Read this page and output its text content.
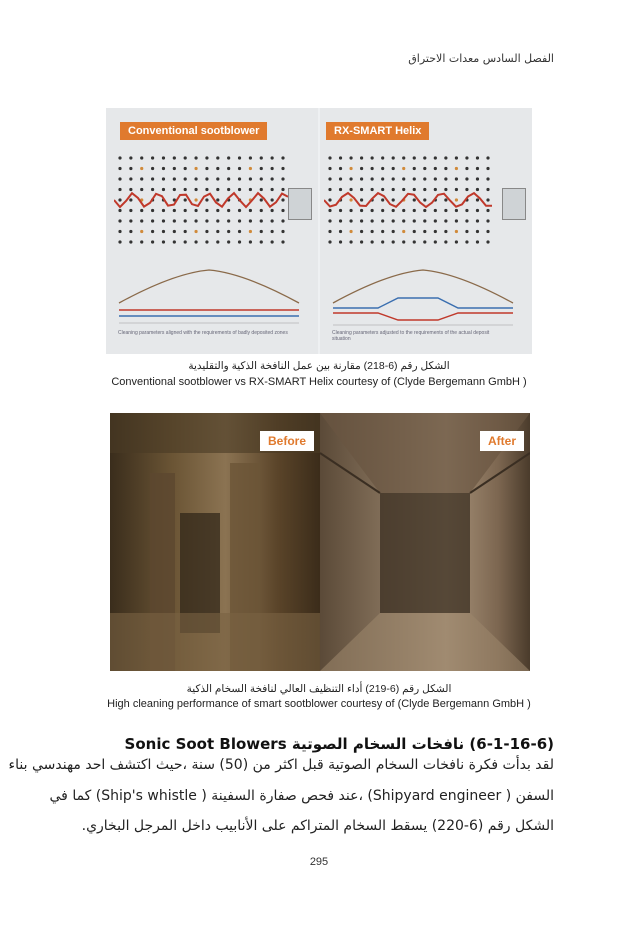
الفصل السادس معدات الاحتراق
Conventional sootblower
Cleaning parameters aligned with the requirements of badly deposited zones
RX-SMART Helix
Cleaning parameters adjusted to the requirements of the actual deposit situation
الشكل رقم (6-218) مقارنة بين عمل النافخة الذكية والتقليدية
Conventional sootblower vs RX-SMART Helix courtesy of (Clyde Bergemann GmbH )
Before	After
الشكل رقم (6-219) أداء التنظيف العالي لنافخة السخام الذكية
High cleaning performance of smart sootblower courtesy of (Clyde Bergemann GmbH )
(6-1-16-6) نافخات السخام الصوتية Sonic Soot Blowers
لقد بدأت فكرة نافخات السخام الصوتية قبل اكثر من (50) سنة ،حيث اكتشف احد مهندسي بناء
السفن ( Shipyard engineer) ،عند فحص صفارة السفينة ( Ship's whistle) كما في
الشكل رقم (6-220) يسقط السخام المتراكم على الأنابيب داخل المرجل البخاري.
295
